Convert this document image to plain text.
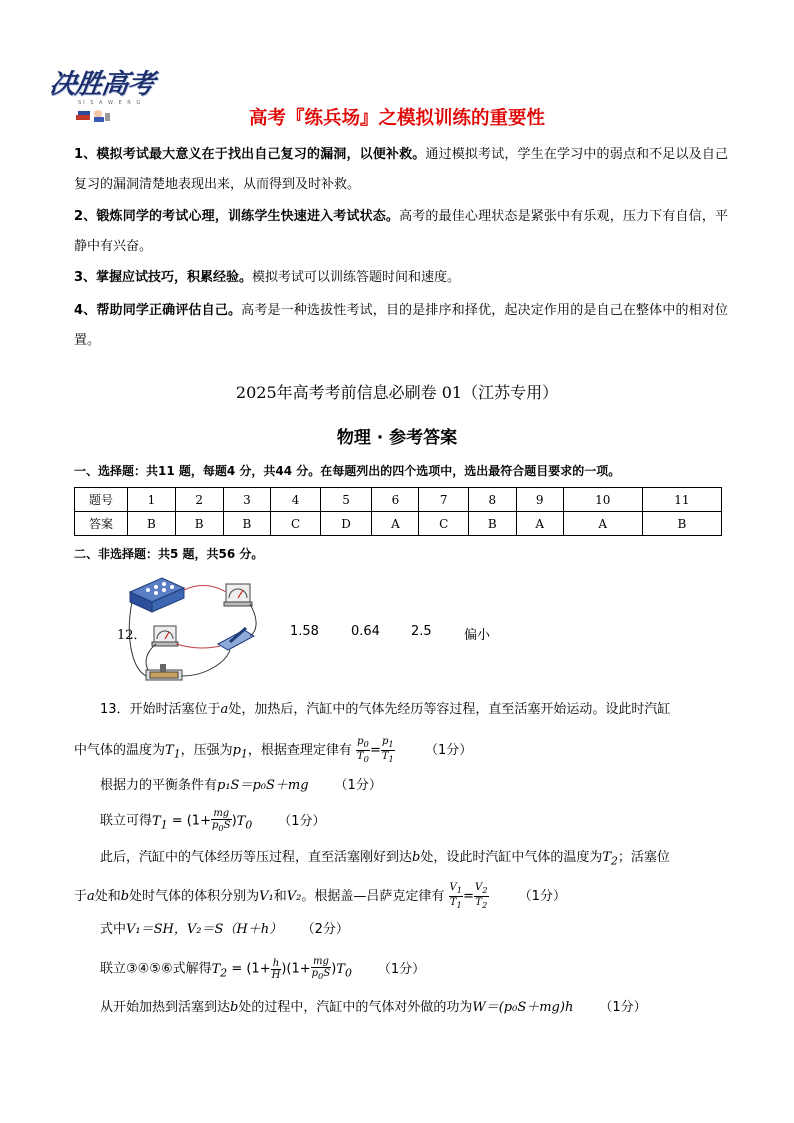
决胜高考
SI S A W E R G
高考『练兵场』之模拟训练的重要性
1、模拟考试最大意义在于找出自己复习的漏洞，以便补救。通过模拟考试，学生在学习中的弱点和不足以及自己复习的漏洞清楚地表现出来，从而得到及时补救。
2、锻炼同学的考试心理，训练学生快速进入考试状态。高考的最佳心理状态是紧张中有乐观，压力下有自信，平静中有兴奋。
3、掌握应试技巧，积累经验。模拟考试可以训练答题时间和速度。
4、帮助同学正确评估自己。高考是一种选拔性考试，目的是排序和择优，起决定作用的是自己在整体中的相对位置。
2025年高考考前信息必刷卷 01（江苏专用）
物理 · 参考答案
一、选择题：共11 题，每题4 分，共44 分。在每题列出的四个选项中，选出最符合题目要求的一项。
题号	1	2	3	4	5	6	7	8	9	10	11
答案	B	B	B	C	D	A	C	B	A	A	B
二、非选择题：共5 题，共56 分。
12．	1.58 0.64 2.5 偏小
13．开始时活塞位于a处，加热后，汽缸中的气体先经历等容过程，直至活塞开始运动。设此时汽缸
中气体的温度为$T_1$，压强为$p_1$，根据查理定律有 $\frac{p_0}{T_0} = \frac{p_1}{T_1} (1$分）
根据力的平衡条件有p₁S＝p₀S＋mg （1分）
联立可得$T_1 = (1+ \frac{mg}{p_0S} )T_0$ （1分）
此后，汽缸中的气体经历等压过程，直至活塞刚好到达b处，设此时汽缸中气体的温度为$T_2$；活塞位
于a处和b处时气体的体积分别为V₁和V₂。根据盖—吕萨克定律有 $\frac{V_1}{T_1} = \frac{V_2}{T_2} (1$分）
式中V₁＝SH，V₂＝S（H＋h） （2分）
联立③④⑤⑥式解得$T_2 = (1+ \frac{h}{H} )(1+ \frac{mg}{p_0S} )T_0$ （1分）
从开始加热到活塞到达b处的过程中，汽缸中的气体对外做的功为W＝(p₀S＋mg)h （1分）
